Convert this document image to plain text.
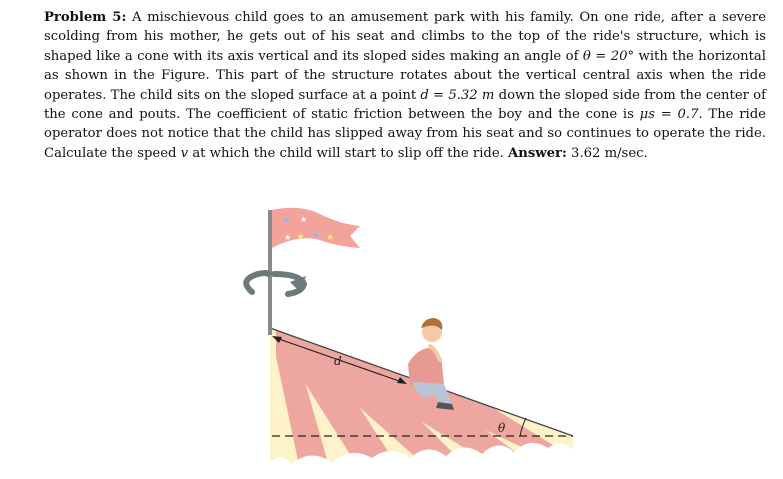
Problem 5: A mischievous child goes to an amusement park with his family. On one ride, after a severe scolding from his mother, he gets out of his seat and climbs to the top of the ride's structure, which is shaped like a cone with its axis vertical and its sloped sides making an angle of θ = 20° with the horizontal as shown in the Figure. This part of the structure rotates about the vertical central axis when the ride operates. The child sits on the sloped surface at a point d = 5.32 m down the sloped side from the center of the cone and pouts. The coefficient of static friction between the boy and the cone is μs = 0.7. The ride operator does not notice that the child has slipped away from his seat and so continues to operate the ride. Calculate the speed v at which the child will start to slip off the ride. Answer: 3.62 m/sec.

d
θ
★ ★
★ ★ ★ ★
